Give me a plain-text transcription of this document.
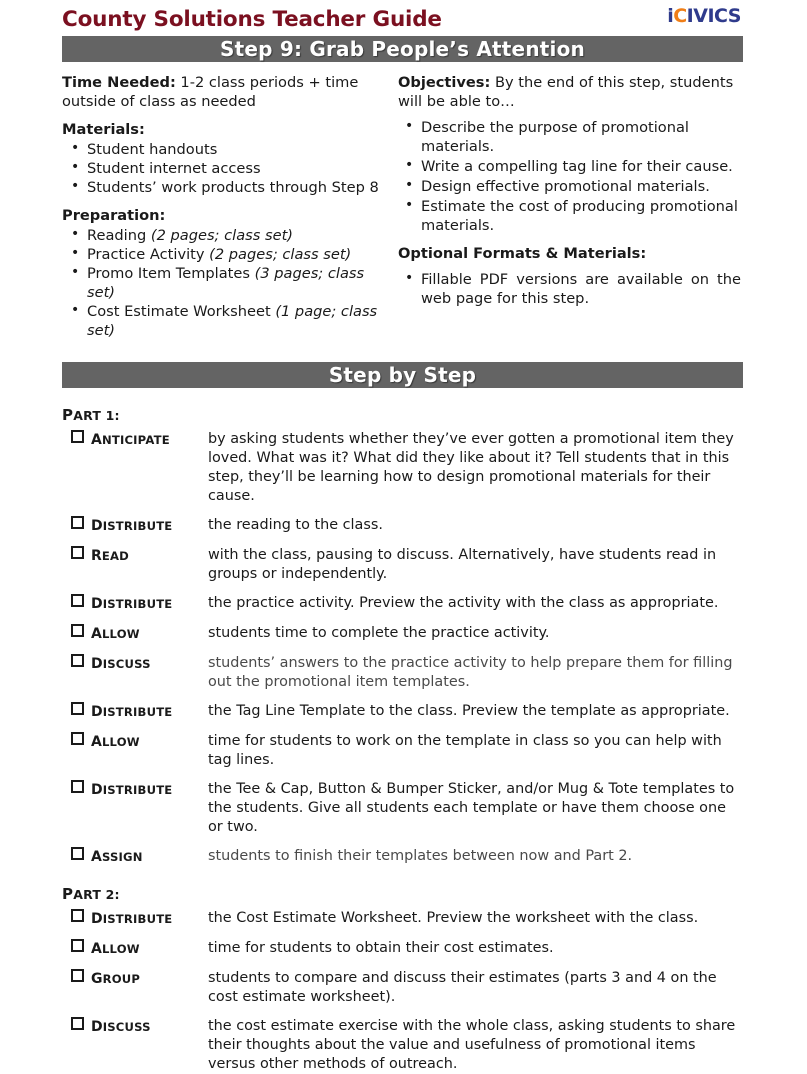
County Solutions Teacher Guide	iCIVICS
Step 9: Grab People’s Attention

Time Needed: 1-2 class periods + time outside of class as needed

Materials:
• Student handouts
• Student internet access
• Students’ work products through Step 8
Preparation:
• Reading (2 pages; class set)
• Practice Activity (2 pages; class set)
• Promo Item Templates (3 pages; class set)
• Cost Estimate Worksheet (1 page; class set)

Objectives: By the end of this step, students will be able to…

• Describe the purpose of promotional materials.
• Write a compelling tag line for their cause.
• Design effective promotional materials.
• Estimate the cost of producing promotional materials.
Optional Formats & Materials:
• Fillable PDF versions are available on the web page for this step.
Step by Step
PART 1:
ANTICIPATE	by asking students whether they’ve ever gotten a promotional item they loved. What was it? What did they like about it? Tell students that in this step, they’ll be learning how to design promotional materials for their cause.
DISTRIBUTE	the reading to the class.
READ	with the class, pausing to discuss. Alternatively, have students read in groups or independently.
DISTRIBUTE	the practice activity. Preview the activity with the class as appropriate.
ALLOW	students time to complete the practice activity.
DISCUSS	students’ answers to the practice activity to help prepare them for filling out the promotional item templates.
DISTRIBUTE	the Tag Line Template to the class. Preview the template as appropriate.
ALLOW	time for students to work on the template in class so you can help with tag lines.
DISTRIBUTE	the Tee & Cap, Button & Bumper Sticker, and/or Mug & Tote templates to the students. Give all students each template or have them choose one or two.
ASSIGN	students to finish their templates between now and Part 2.
PART 2:
DISTRIBUTE	the Cost Estimate Worksheet. Preview the worksheet with the class.
ALLOW	time for students to obtain their cost estimates.
GROUP	students to compare and discuss their estimates (parts 3 and 4 on the cost estimate worksheet).
DISCUSS	the cost estimate exercise with the whole class, asking students to share their thoughts about the value and usefulness of promotional items versus other methods of outreach.
